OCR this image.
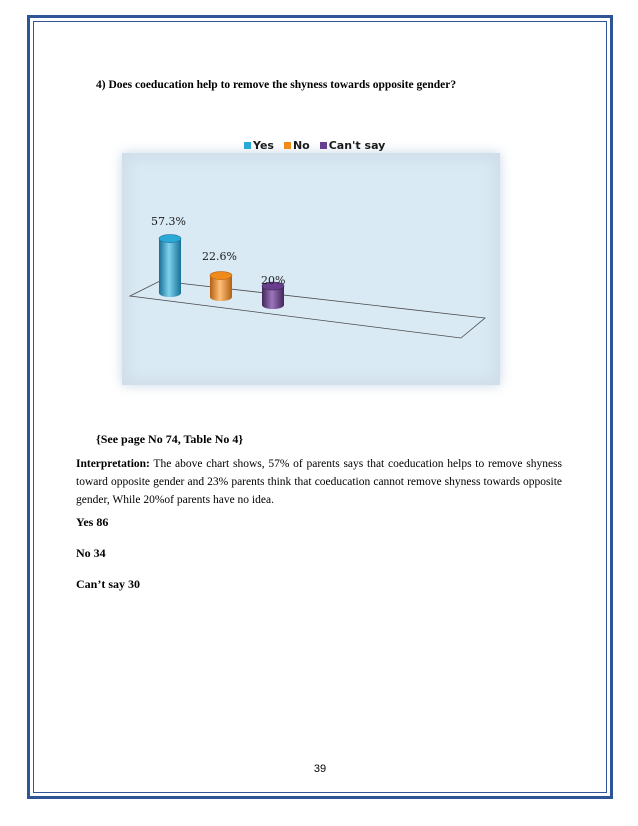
4) Does coeducation help to remove the shyness towards opposite gender?
Yes No Can't say
57.3%
22.6%
20%
{See page No 74, Table No 4}
Interpretation: The above chart shows, 57% of parents says that coeducation helps to remove shyness toward opposite gender and 23% parents think that coeducation cannot remove shyness towards opposite gender, While 20%of parents have no idea.
Yes 86
No 34
Can’t say 30
39
